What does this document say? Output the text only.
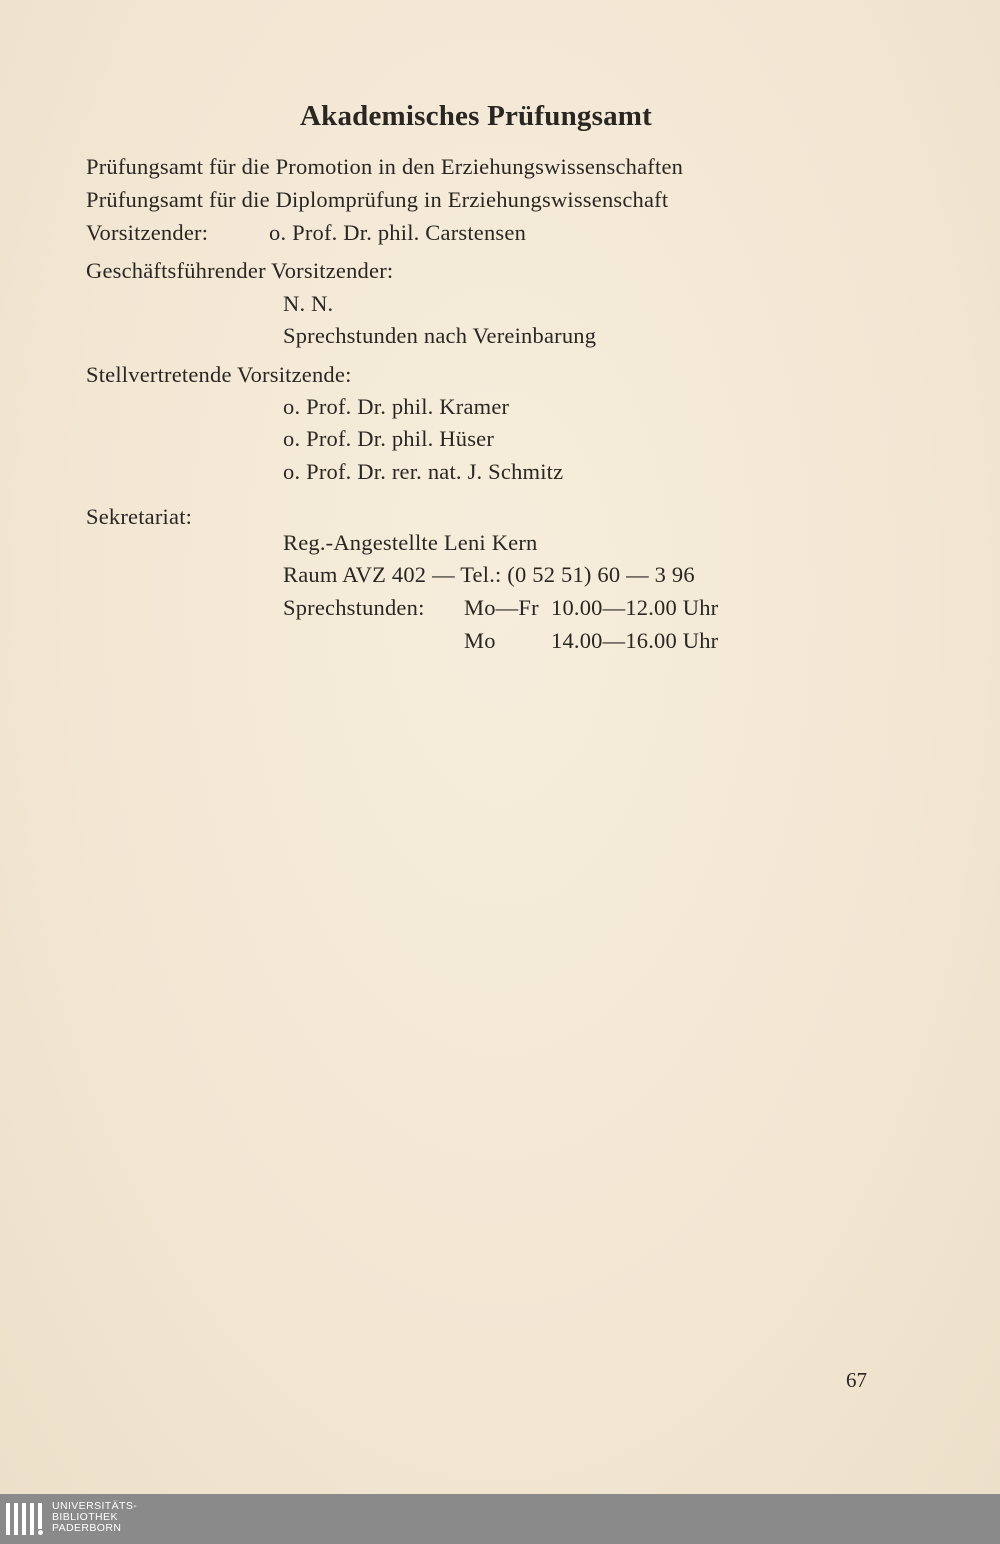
Akademisches Prüfungsamt
Prüfungsamt für die Promotion in den Erziehungswissenschaften
Prüfungsamt für die Diplomprüfung in Erziehungswissenschaft
Vorsitzender:	o. Prof. Dr. phil. Carstensen
Geschäftsführender Vorsitzender:
N. N.
Sprechstunden nach Vereinbarung
Stellvertretende Vorsitzende:
o. Prof. Dr. phil. Kramer
o. Prof. Dr. phil. Hüser
o. Prof. Dr. rer. nat. J. Schmitz
Sekretariat:
Reg.-Angestellte Leni Kern
Raum AVZ 402 — Tel.: (0 52 51) 60 — 3 96
Sprechstunden: Mo—Fr 10.00—12.00 Uhr
Mo 14.00—16.00 Uhr
67
UNIVERSITÄTS-
BIBLIOTHEK
PADERBORN
